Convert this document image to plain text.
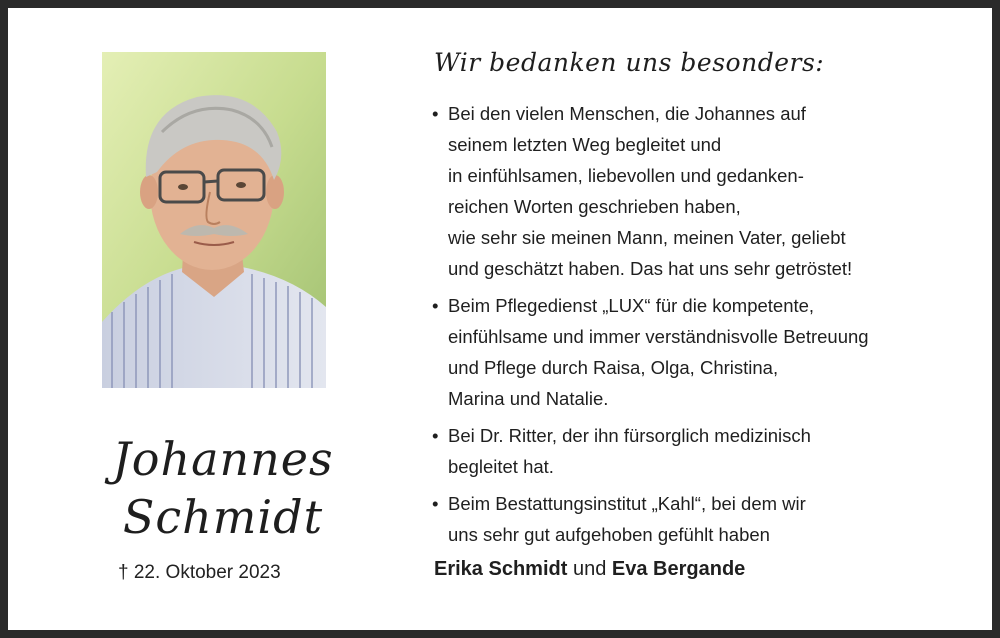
Johannes
Schmidt
† 22. Oktober 2023
Wir bedanken uns besonders:
• Bei den vielen Menschen, die Johannes auf
seinem letzten Weg begleitet und
in einfühlsamen, liebevollen und gedanken-
reichen Worten geschrieben haben,
wie sehr sie meinen Mann, meinen Vater, geliebt
und geschätzt haben. Das hat uns sehr getröstet!
• Beim Pflegedienst „LUX“ für die kompetente,
einfühlsame und immer verständnisvolle Betreuung
und Pflege durch Raisa, Olga, Christina,
Marina und Natalie.
• Bei Dr. Ritter, der ihn fürsorglich medizinisch
begleitet hat.
• Beim Bestattungsinstitut „Kahl“, bei dem wir
uns sehr gut aufgehoben gefühlt haben
Erika Schmidt und Eva Bergande
